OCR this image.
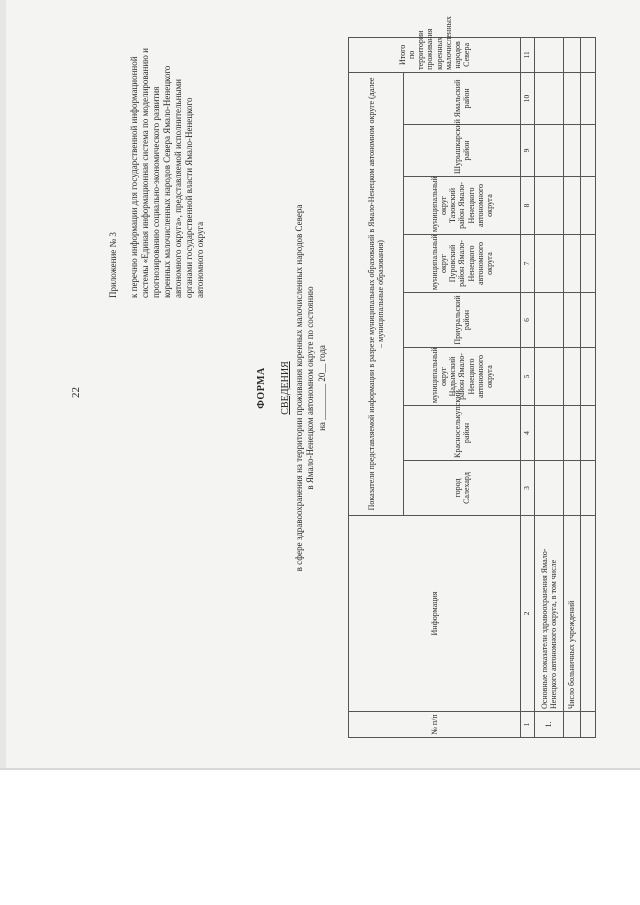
22
Приложение № 3 к перечню информации для государственной информационной системы «Единая информационная система по моделированию и прогнозированию социально-экономического развития коренных малочисленных народов Севера Ямало-Ненецкого автономного округа», представляемой исполнительными органами государственной власти Ямало-Ненецкого автономного округа
ФОРМА СВЕДЕНИЯ в сфере здравоохранения на территории проживания коренных малочисленных народов Севера в Ямало-Ненецком автономном округе по состоянию на ________ 20__ года
№ п/п	Информация	Показатели представляемой информации в разрезе муниципальных образований в Ямало-Ненецком автономном округе (далее – муниципальные образования)								Итого по территории проживания коренных малочисленных народов Севера
		город Салехард	Красноселькупский район	муниципальный округ Надымский район Ямало-Ненецкого автономного округа	Приуральский район	муниципальный округ Пуровский район Ямало-Ненецкого автономного округа	муниципальный округ Тазовский район Ямало-Ненецкого автономного округа	Шурышкарский район	Ямальский район	
1	2	3	4	5	6	7	8	9	10	11
1.	Основные показатели здравоохранения Ямало-Ненецкого автономного округа, в том числе									
	Число больничных учреждений									
